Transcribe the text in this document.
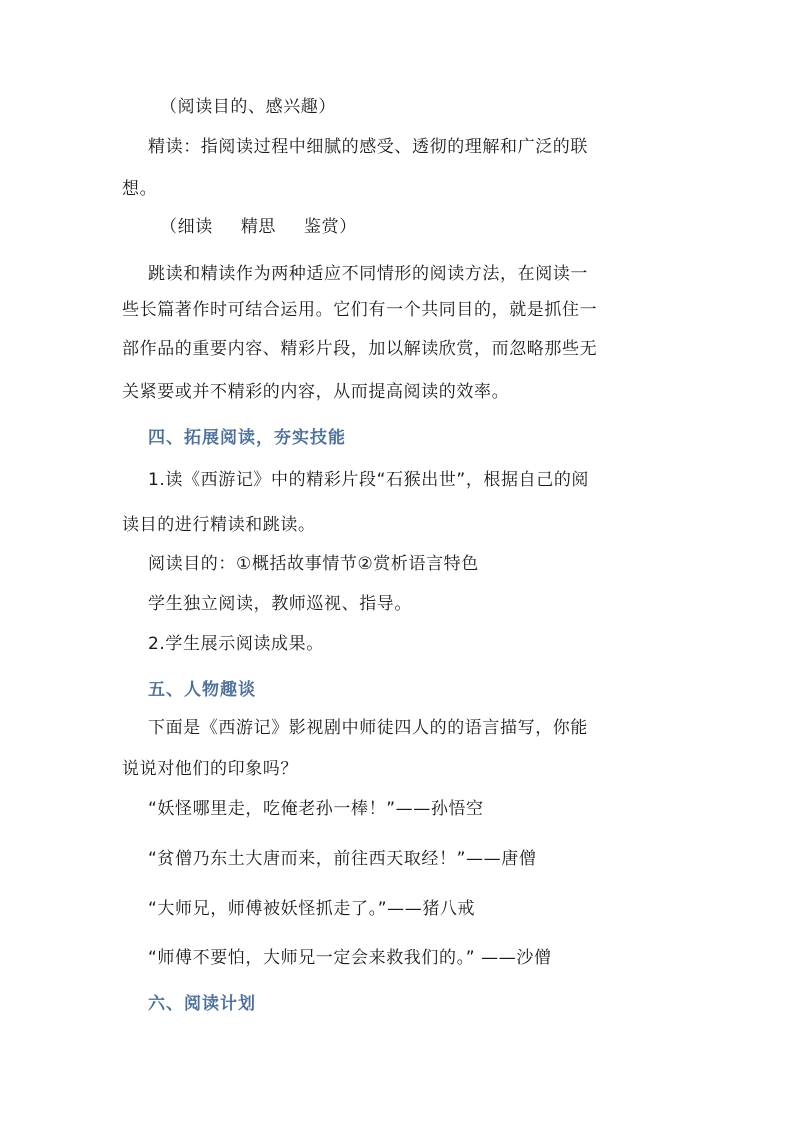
（阅读目的、感兴趣）
精读：指阅读过程中细腻的感受、透彻的理解和广泛的联
想。
（细读 精思 鉴赏）
跳读和精读作为两种适应不同情形的阅读方法，在阅读一
些长篇著作时可结合运用。它们有一个共同目的，就是抓住一
部作品的重要内容、精彩片段，加以解读欣赏，而忽略那些无
关紧要或并不精彩的内容，从而提高阅读的效率。
四、拓展阅读，夯实技能
1.读《西游记》中的精彩片段“石猴出世”，根据自己的阅
读目的进行精读和跳读。
阅读目的：①概括故事情节②赏析语言特色
学生独立阅读，教师巡视、指导。
2.学生展示阅读成果。
五、人物趣谈
下面是《西游记》影视剧中师徒四人的的语言描写，你能
说说对他们的印象吗？
“妖怪哪里走，吃俺老孙一棒！”——孙悟空
“贫僧乃东土大唐而来，前往西天取经！”——唐僧
“大师兄，师傅被妖怪抓走了。”——猪八戒
“师傅不要怕，大师兄一定会来救我们的。” ——沙僧
六、阅读计划
